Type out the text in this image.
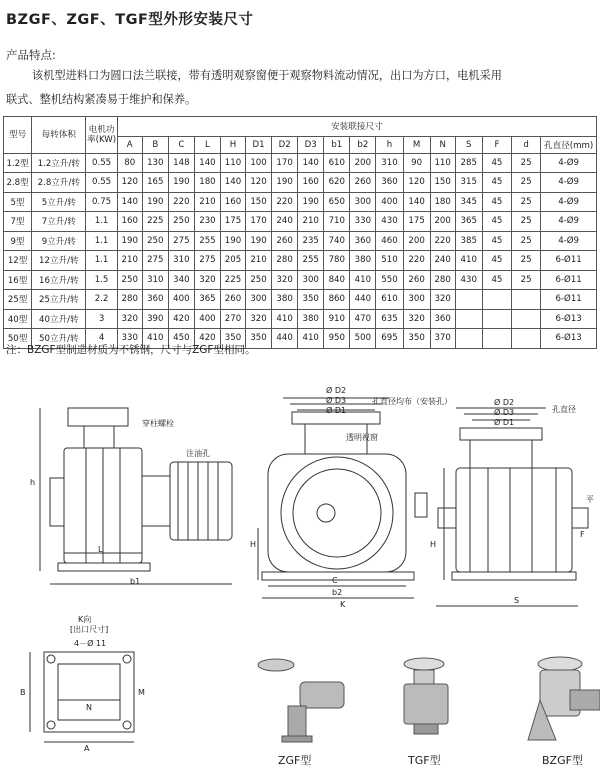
BZGF、ZGF、TGF型外形安装尺寸
产品特点:
该机型进料口为圆口法兰联接，带有透明观察窗便于观察物料流动情况，出口为方口，电机采用
联式、整机结构紧凑易于维护和保养。
型号	每转体积	电机功率(KW)	安装联接尺寸																
			A	B	C	L	H	D1	D2	D3	b1	b2	h	M	N	S	F	d	孔直径(mm)
1.2型	1.2立升/转	0.55	80	130	148	140	110	100	170	140	610	200	310	90	110	285	45	25	4-Ø9
2.8型	2.8立升/转	0.55	120	165	190	180	140	120	190	160	620	260	360	120	150	315	45	25	4-Ø9
5型	5立升/转	0.75	140	190	220	210	160	150	220	190	650	300	400	140	180	345	45	25	4-Ø9
7型	7立升/转	1.1	160	225	250	230	175	170	240	210	710	330	430	175	200	365	45	25	4-Ø9
9型	9立升/转	1.1	190	250	275	255	190	190	260	235	740	360	460	200	220	385	45	25	4-Ø9
12型	12立升/转	1.1	210	275	310	275	205	210	280	255	780	380	510	220	240	410	45	25	6-Ø11
16型	16立升/转	1.5	250	310	340	320	225	250	320	300	840	410	550	260	280	430	45	25	6-Ø11
25型	25立升/转	2.2	280	360	400	365	260	300	380	350	860	440	610	300	320				6-Ø11
40型	40立升/转	3	320	390	420	400	270	320	410	380	910	470	635	320	360				6-Ø13
50型	50立升/转	4	330	410	450	420	350	350	440	410	950	500	695	350	370				6-Ø13
注：BZGF型制造材质为不锈钢，尺寸与ZGF型相同。
穿柱螺栓
注油孔
h
L
b1
Ø D2
Ø D3
Ø D1
孔直径均布（安装孔）
透明视窗
H
C
b2
K
Ø D2
Ø D3
Ø D1
孔直径
H
S
F
平
K向
[出口尺寸]
4－Ø 11
A
B
N
M
ZGF型	TGF型	BZGF型
